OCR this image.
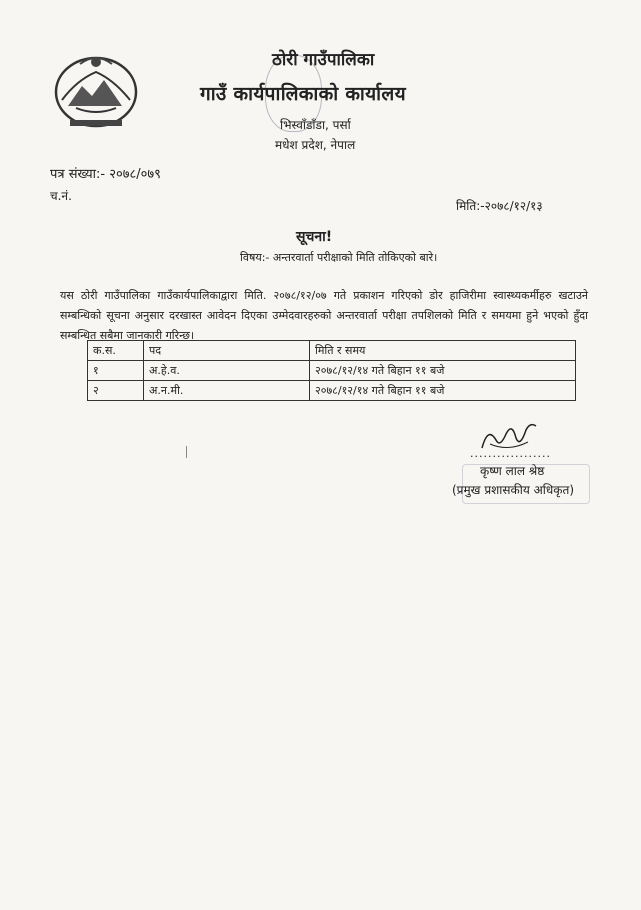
ठोरी गाउँपालिका
गाउँ कार्यपालिकाको कार्यालय
भिस्वाँडाँडा, पर्सा
मधेश प्रदेश, नेपाल
पत्र संख्या:- २०७८/०७९
च.नं.
मिति:-२०७८/१२/१३
सूचना!
विषय:- अन्तरवार्ता परीक्षाको मिति तोकिएको बारे।
यस ठोरी गाउँपालिका गाउँकार्यपालिकाद्वारा मिति. २०७८/१२/०७ गते प्रकाशन गरिएको डोर हाजिरीमा स्वास्थ्यकर्मीहरु खटाउने सम्बन्धिको सूचना अनुसार दरखास्त आवेदन दिएका उम्मेदवारहरुको अन्तरवार्ता परीक्षा तपशिलको मिति र समयमा हुने भएको हुँदा सम्बन्धित सबैमा जानकारी गरिन्छ।
क.स.	पद	मिति र समय
१	अ.हे.व.	२०७८/१२/१४ गते बिहान ११ बजे
२	अ.न.मी.	२०७८/१२/१४ गते बिहान ११ बजे
..................
कृष्ण लाल श्रेष्ठ
(प्रमुख प्रशासकीय अधिकृत)
